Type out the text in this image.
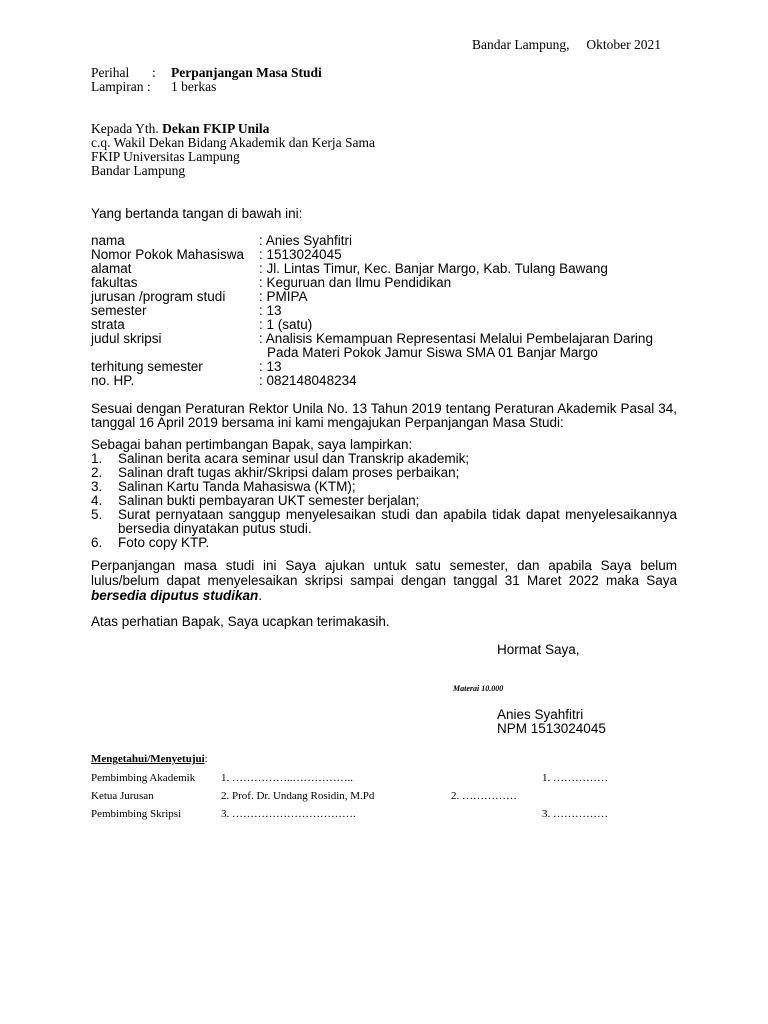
Bandar Lampung,     Oktober 2021
Perihal : Perpanjangan Masa Studi
Lampiran : 1 berkas
Kepada Yth. Dekan FKIP Unila
c.q. Wakil Dekan Bidang Akademik dan Kerja Sama
FKIP Universitas Lampung
Bandar Lampung
Yang bertanda tangan di bawah ini:
nama	: Anies Syahfitri
Nomor Pokok Mahasiswa : 1513024045
alamat	: Jl. Lintas Timur, Kec. Banjar Margo, Kab. Tulang Bawang
fakultas	: Keguruan dan Ilmu Pendidikan
jurusan /program studi : PMIPA
semester	: 13
strata	: 1 (satu)
judul skripsi	: Analisis Kemampuan Representasi Melalui Pembelajaran Daring
Pada Materi Pokok Jamur Siswa SMA 01 Banjar Margo
terhitung semester	: 13
no. HP.	: 082148048234
Sesuai dengan Peraturan Rektor Unila No. 13 Tahun 2019 tentang Peraturan Akademik Pasal 34, tanggal 16 April 2019 bersama ini kami mengajukan Perpanjangan Masa Studi:
Sebagai bahan pertimbangan Bapak, saya lampirkan:
1. Salinan berita acara seminar usul dan Transkrip akademik;
2. Salinan draft tugas akhir/Skripsi dalam proses perbaikan;
3. Salinan Kartu Tanda Mahasiswa (KTM);
4. Salinan bukti pembayaran UKT semester berjalan;
5. Surat pernyataan sanggup menyelesaikan studi dan apabila tidak dapat menyelesaikannya bersedia dinyatakan putus studi.
6. Foto copy KTP.
Perpanjangan masa studi ini Saya ajukan untuk satu semester, dan apabila Saya belum lulus/belum dapat menyelesaikan skripsi sampai dengan tanggal 31 Maret 2022 maka Saya bersedia diputus studikan.
Atas perhatian Bapak, Saya ucapkan terimakasih.
Hormat Saya,
Materai 10.000
Anies Syahfitri
NPM 1513024045
Mengetahui/Menyetujui:
Pembimbing Akademik 1. ……………..……………..	1. ……………
Ketua Jurusan	2. Prof. Dr. Undang Rosidin, M.Pd	2. ……………
Pembimbing Skripsi	3. …………………………….	3. ……………
